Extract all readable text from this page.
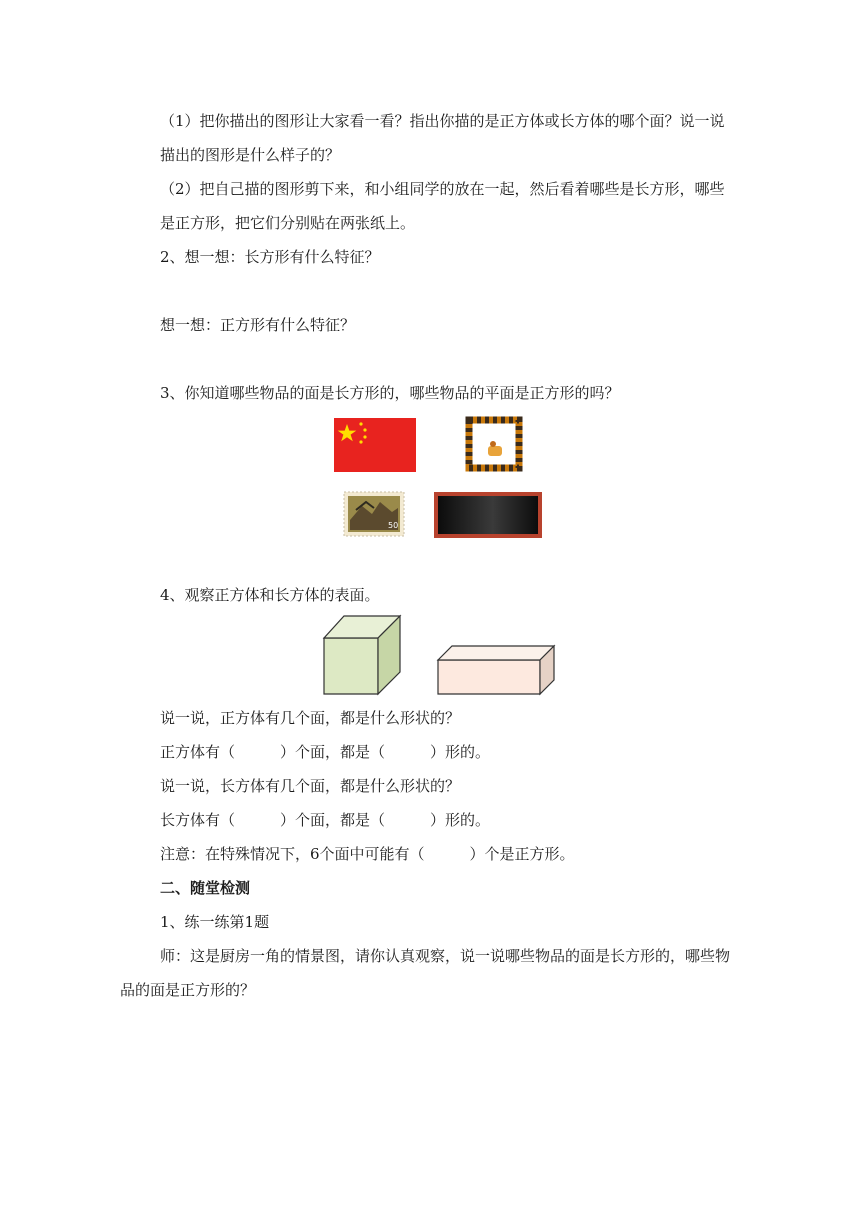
（1）把你描出的图形让大家看一看？指出你描的是正方体或长方体的哪个面？说一说
描出的图形是什么样子的？
（2）把自己描的图形剪下来，和小组同学的放在一起，然后看着哪些是长方形，哪些
是正方形，把它们分别贴在两张纸上。
2、想一想：长方形有什么特征？
想一想：正方形有什么特征？
3、你知道哪些物品的面是长方形的，哪些物品的平面是正方形的吗？
50
4、观察正方体和长方体的表面。
说一说，正方体有几个面，都是什么形状的？
正方体有（　　　）个面，都是（　　　）形的。
说一说，长方体有几个面，都是什么形状的？
长方体有（　　　）个面，都是（　　　）形的。
注意：在特殊情况下，6个面中可能有（　　　）个是正方形。
二、随堂检测
1、练一练第1题
师：这是厨房一角的情景图，请你认真观察，说一说哪些物品的面是长方形的，哪些物
品的面是正方形的？
